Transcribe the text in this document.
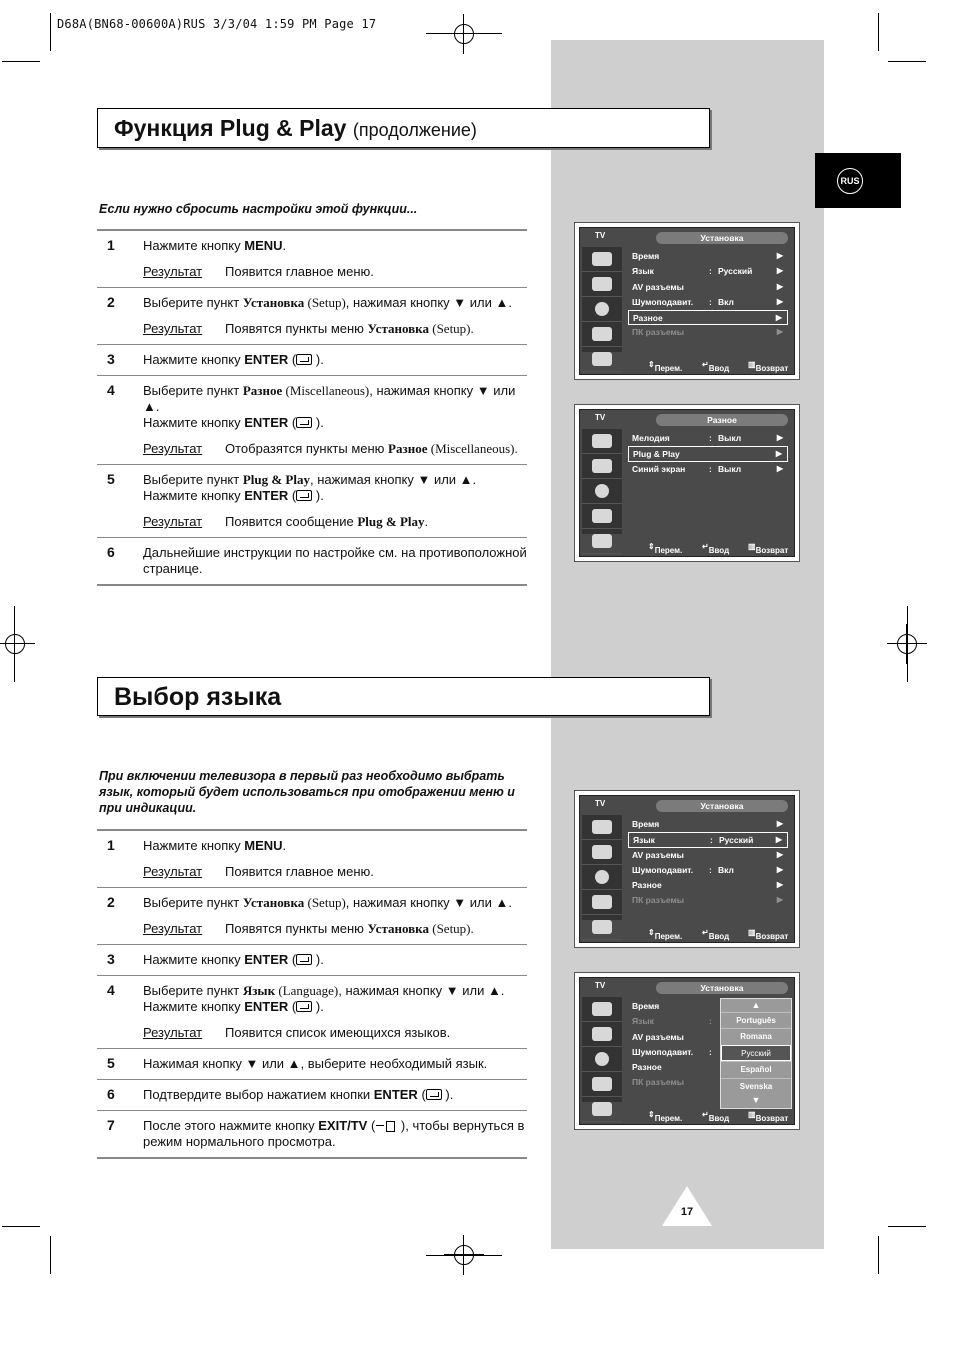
D68A(BN68-00600A)RUS 3/3/04 1:59 PM Page 17
RUS
Функция Plug & Play (продолжение)
Если нужно сбросить настройки этой функции...
1 Нажмите кнопку MENU.
Результат Появится главное меню.
2 Выберите пункт Установка (Setup), нажимая кнопку ▼ или ▲.
Результат Появятся пункты меню Установка (Setup).
3 Нажмите кнопку ENTER ( ).
4 Выберите пункт Разное (Miscellaneous), нажимая кнопку ▼ или ▲.
Нажмите кнопку ENTER ( ).
Результат Отобразятся пункты меню Разное (Miscellaneous).
5 Выберите пункт Plug & Play, нажимая кнопку ▼ или ▲.
Нажмите кнопку ENTER ( ).
Результат Появится сообщение Plug & Play.
6 Дальнейшие инструкции по настройке см. на противоположной странице.
TV	Установка
Время	▶
Язык	: Русский	▶
AV разъемы	▶
Шумоподавит. : Вкл	▶
Разное	▶
ПК разъемы	▶
⇕ Перем. ↵ Ввод ▥ Возврат
TV	Разное
Мелодия	: Выкл	▶
Plug & Play	▶
Синий экран	: Выкл	▶
⇕ Перем. ↵ Ввод ▥ Возврат
Выбор языка
При включении телевизора в первый раз необходимо выбрать язык, который будет использоваться при отображении меню и при индикации.
1 Нажмите кнопку MENU.
Результат Появится главное меню.
2 Выберите пункт Установка (Setup), нажимая кнопку ▼ или ▲.
Результат Появятся пункты меню Установка (Setup).
3 Нажмите кнопку ENTER ( ).
4 Выберите пункт Язык (Language), нажимая кнопку ▼ или ▲.
Нажмите кнопку ENTER ( ).
Результат Появится список имеющихся языков.
5 Нажимая кнопку ▼ или ▲, выберите необходимый язык.
6 Подтвердите выбор нажатием кнопки ENTER ( ).
7 После этого нажмите кнопку EXIT/TV ( ), чтобы вернуться в режим нормального просмотра.
TV	Установка
Время	▶
Язык	: Русский	▶
AV разъемы	▶
Шумоподавит. : Вкл	▶
Разное	▶
ПК разъемы	▶
⇕ Перем. ↵ Ввод ▥ Возврат
TV	Установка
Время
Язык	:
AV разъемы
Шумоподавит. :
Разное
ПК разъемы
▲
Português
Romana
Русский
Español
Svenska
▼
⇕ Перем. ↵ Ввод ▥ Возврат
17
